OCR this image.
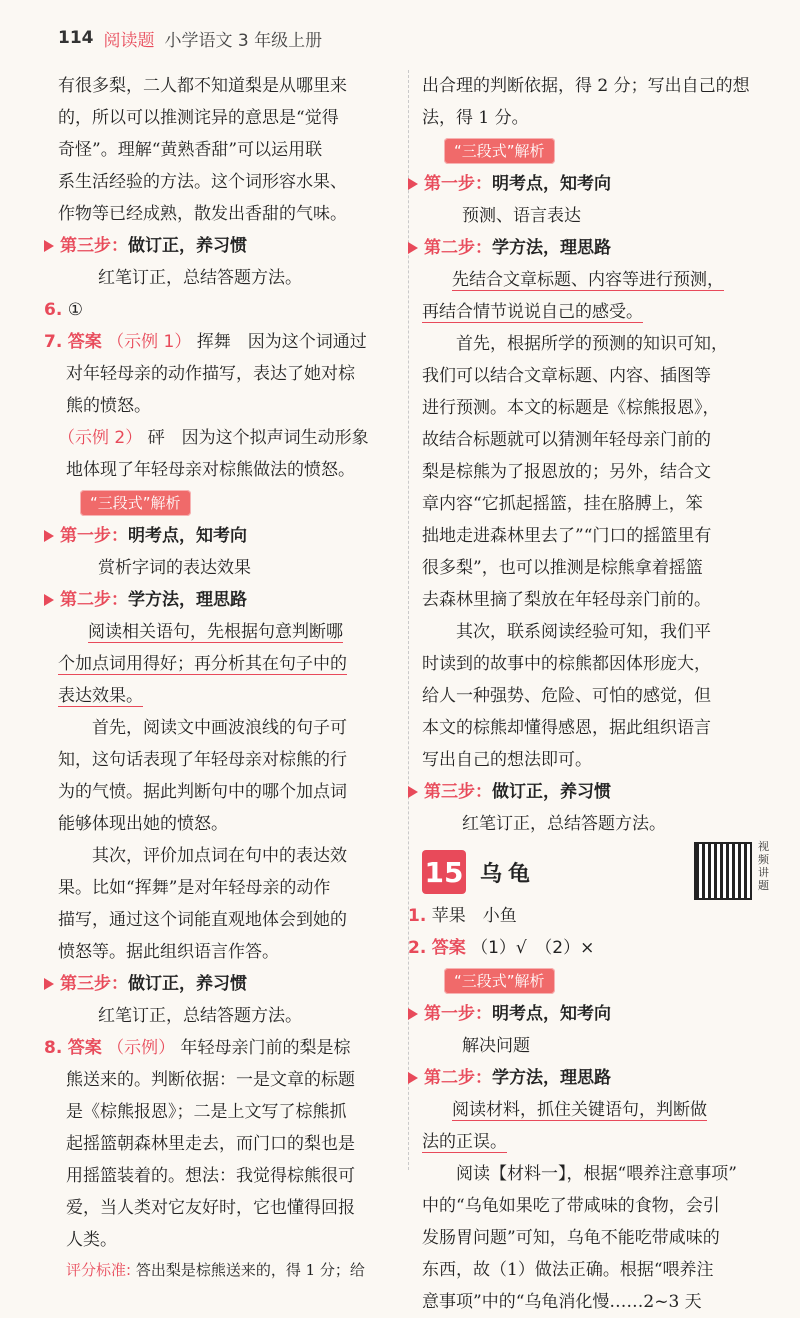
114 阅读题 小学语文 3 年级上册

有很多梨，二人都不知道梨是从哪里来

的，所以可以推测诧异的意思是“觉得

奇怪”。理解“黄熟香甜”可以运用联

系生活经验的方法。这个词形容水果、

作物等已经成熟，散发出香甜的气味。

第三步： 做订正，养习惯

红笔订正，总结答题方法。

6. ①

7. 答案 （示例 1） 挥舞　因为这个词通过

对年轻母亲的动作描写，表达了她对棕

熊的愤怒。

（示例 2） 砰　因为这个拟声词生动形象

地体现了年轻母亲对棕熊做法的愤怒。

“三段式”解析
第一步： 明考点，知考向

赏析字词的表达效果

第二步： 学方法，理思路

阅读相关语句，先根据句意判断哪

个加点词用得好；再分析其在句子中的

表达效果。

首先，阅读文中画波浪线的句子可

知，这句话表现了年轻母亲对棕熊的行

为的气愤。据此判断句中的哪个加点词

能够体现出她的愤怒。

其次，评价加点词在句中的表达效

果。比如“挥舞”是对年轻母亲的动作

描写，通过这个词能直观地体会到她的

愤怒等。据此组织语言作答。

第三步： 做订正，养习惯

红笔订正，总结答题方法。

8. 答案 （示例） 年轻母亲门前的梨是棕

熊送来的。判断依据：一是文章的标题

是《棕熊报恩》；二是上文写了棕熊抓

起摇篮朝森林里走去，而门口的梨也是

用摇篮装着的。想法：我觉得棕熊很可

爱，当人类对它友好时，它也懂得回报

人类。

评分标准: 答出梨是棕熊送来的，得 1 分；给

出合理的判断依据，得 2 分；写出自己的想

法，得 1 分。

“三段式”解析
第一步： 明考点，知考向

预测、语言表达

第二步： 学方法，理思路

先结合文章标题、内容等进行预测，

再结合情节说说自己的感受。

首先，根据所学的预测的知识可知，

我们可以结合文章标题、内容、插图等

进行预测。本文的标题是《棕熊报恩》，

故结合标题就可以猜测年轻母亲门前的

梨是棕熊为了报恩放的；另外，结合文

章内容“它抓起摇篮，挂在胳膊上，笨

拙地走进森林里去了”“门口的摇篮里有

很多梨”，也可以推测是棕熊拿着摇篮

去森林里摘了梨放在年轻母亲门前的。

其次，联系阅读经验可知，我们平

时读到的故事中的棕熊都因体形庞大，

给人一种强势、危险、可怕的感觉，但

本文的棕熊却懂得感恩，据此组织语言

写出自己的想法即可。

第三步： 做订正，养习惯

红笔订正，总结答题方法。

15 乌龟
视频讲题

1. 苹果　小鱼

2. 答案 （1）√　（2）×

“三段式”解析
第一步： 明考点，知考向

解决问题

第二步： 学方法，理思路

阅读材料，抓住关键语句，判断做

法的正误。

阅读【材料一】，根据“喂养注意事项”

中的“乌龟如果吃了带咸味的食物，会引

发肠胃问题”可知，乌龟不能吃带咸味的

东西，故（1）做法正确。根据“喂养注

意事项”中的“乌龟消化慢……2~3 天
